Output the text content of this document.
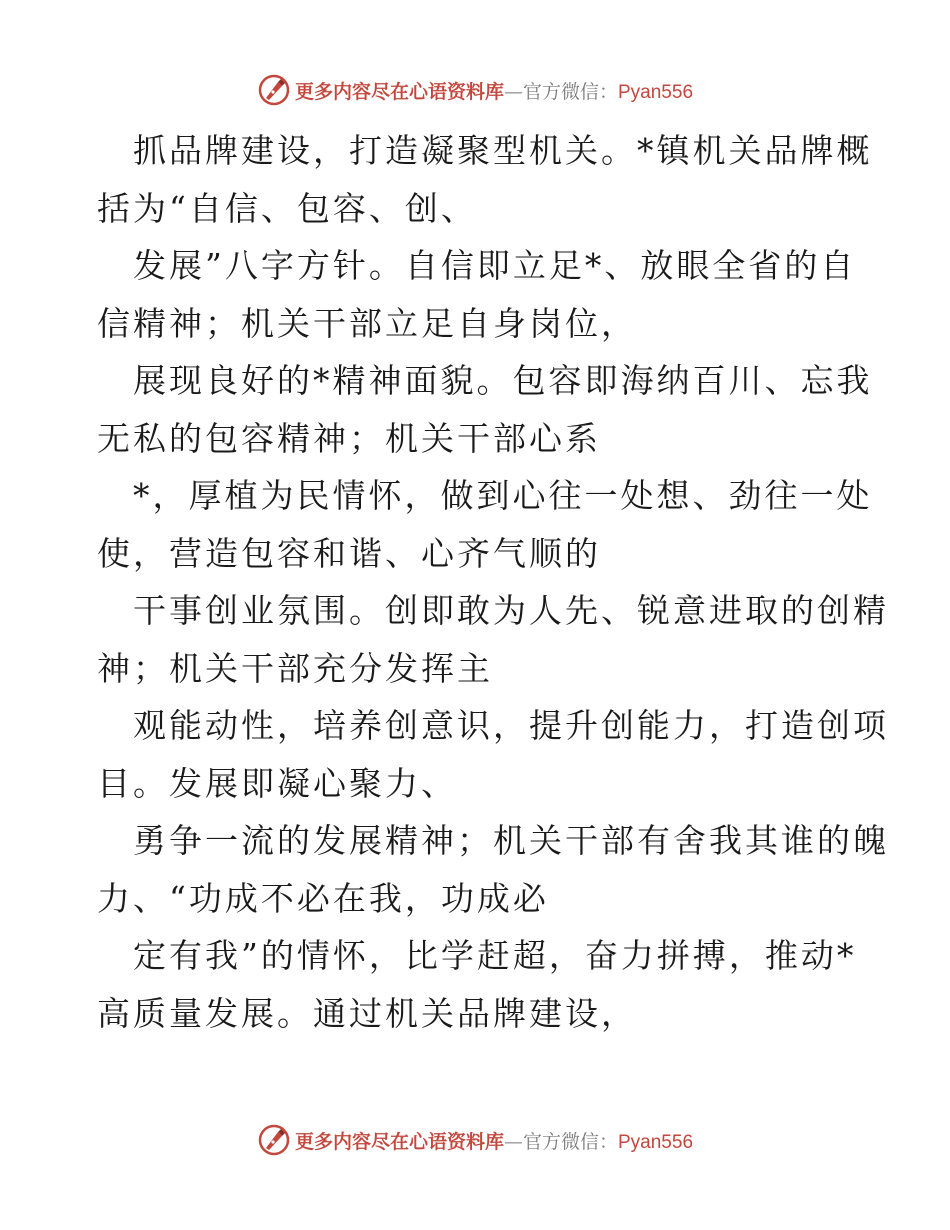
更多内容尽在心语资料库—官方微信：Pyan556
抓品牌建设，打造凝聚型机关。*镇机关品牌概
括为“自信、包容、创、
发展”八字方针。自信即立足*、放眼全省的自
信精神；机关干部立足自身岗位，
展现良好的*精神面貌。包容即海纳百川、忘我
无私的包容精神；机关干部心系
*，厚植为民情怀，做到心往一处想、劲往一处
使，营造包容和谐、心齐气顺的
干事创业氛围。创即敢为人先、锐意进取的创精
神；机关干部充分发挥主
观能动性，培养创意识，提升创能力，打造创项
目。发展即凝心聚力、
勇争一流的发展精神；机关干部有舍我其谁的魄
力、“功成不必在我，功成必
定有我”的情怀，比学赶超，奋力拼搏，推动*
高质量发展。通过机关品牌建设，
更多内容尽在心语资料库—官方微信：Pyan556
